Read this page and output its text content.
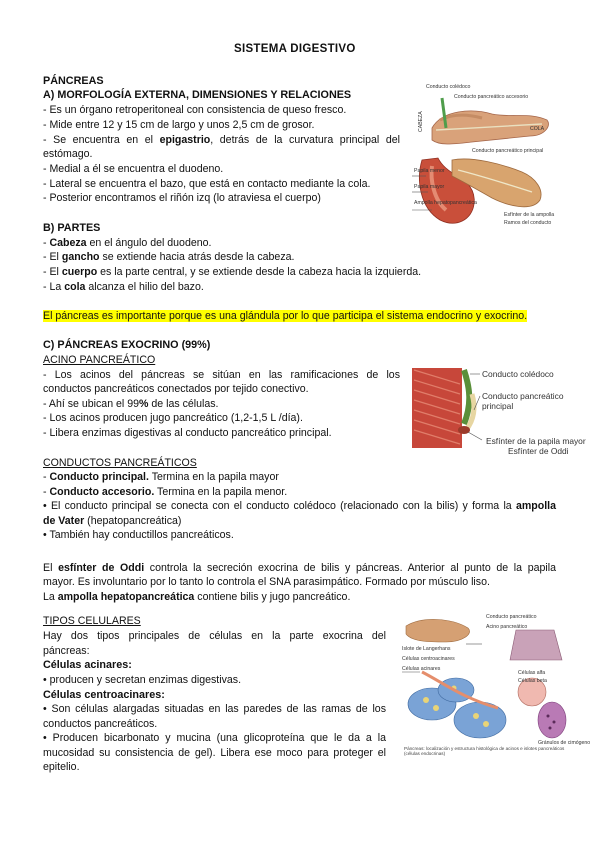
SISTEMA DIGESTIVO
PÁNCREAS
A) MORFOLOGÍA EXTERNA, DIMENSIONES Y RELACIONES
- Es un órgano retroperitoneal con consistencia de queso fresco.
- Mide entre 12 y 15 cm de largo y unos 2,5 cm de grosor.
- Se encuentra en el epigastrio, detrás de la curvatura principal del
estómago.
- Medial a él se encuentra el duodeno.
- Lateral se encuentra el bazo, que está en contacto mediante la cola.
- Posterior encontramos el riñón izq (lo atraviesa el cuerpo)
Conducto colédoco
Conducto pancreático accesorio
COLA
CABEZA
Conducto pancreático principal
Papila menor
Papila mayor
Ampolla hepatopancreática
Esfínter de la ampolla
Ramos del conducto
B) PARTES
- Cabeza en el ángulo del duodeno.
- El gancho se extiende hacia atrás desde la cabeza.
- El cuerpo es la parte central, y se extiende desde la cabeza hacia la izquierda.
- La cola alcanza el hilio del bazo.
El páncreas es importante porque es una glándula por lo que participa el sistema endocrino y exocrino.
C) PÁNCREAS EXOCRINO (99%)
ACINO PANCREÁTICO
- Los acinos del páncreas se sitúan en las ramificaciones de los
conductos pancreáticos conectados por tejido conectivo.
- Ahí se ubican el 99% de las células.
- Los acinos producen jugo pancreático (1,2-1,5 L /día).
- Libera enzimas digestivas al conducto pancreático principal.
Conducto colédoco
Conducto pancreático
principal
Esfínter de la papila mayor
Esfínter de Oddi
CONDUCTOS PANCREÁTICOS
- Conducto principal. Termina en la papila mayor
- Conducto accesorio. Termina en la papila menor.
• El conducto principal se conecta con el conducto colédoco (relacionado con la bilis) y forma la ampolla
de Vater (hepatopancreática)
• También hay conductillos pancreáticos.
El esfínter de Oddi controla la secreción exocrina de bilis y páncreas. Anterior al punto de la papila
mayor. Es involuntario por lo tanto lo controla el SNA parasimpático. Formado por músculo liso.
La ampolla hepatopancreática contiene bilis y jugo pancreático.
TIPOS CELULARES
Hay dos tipos principales de células en la parte exocrina del
páncreas:
Células acinares:
• producen y secretan enzimas digestivas.
Células centroacinares:
• Son células alargadas situadas en las paredes de las ramas de los
conductos pancreáticos.
• Producen bicarbonato y mucina (una glicoproteína que le da a la
mucosidad su consistencia de gel). Libera ese moco para proteger el
epitelio.
Conducto pancreático
Acino pancreático
Islote de Langerhans
Células centroacinares
Células acinares
Células alfa
Células beta
Gránulos de cimógeno
Páncreas: localización y estructura histológica de acinos e islotes pancreáticos (células endocrinas)
